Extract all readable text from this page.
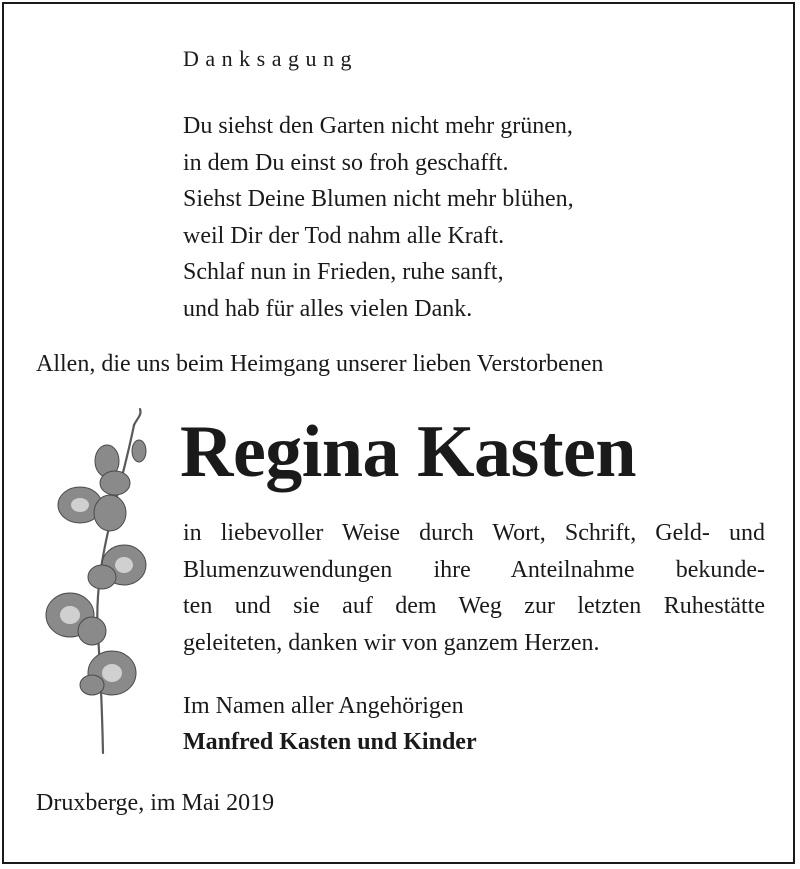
Danksagung
Du siehst den Garten nicht mehr grünen,
in dem Du einst so froh geschafft.
Siehst Deine Blumen nicht mehr blühen,
weil Dir der Tod nahm alle Kraft.
Schlaf nun in Frieden, ruhe sanft,
und hab für alles vielen Dank.
Allen, die uns beim Heimgang unserer lieben Verstorbenen
Regina Kasten
in liebevoller Weise durch Wort, Schrift, Geld- und
Blumenzuwendungen ihre Anteilnahme bekunde-
ten und sie auf dem Weg zur letzten Ruhestätte
geleiteten, danken wir von ganzem Herzen.
Im Namen aller Angehörigen
Manfred Kasten und Kinder
Druxberge, im Mai 2019
